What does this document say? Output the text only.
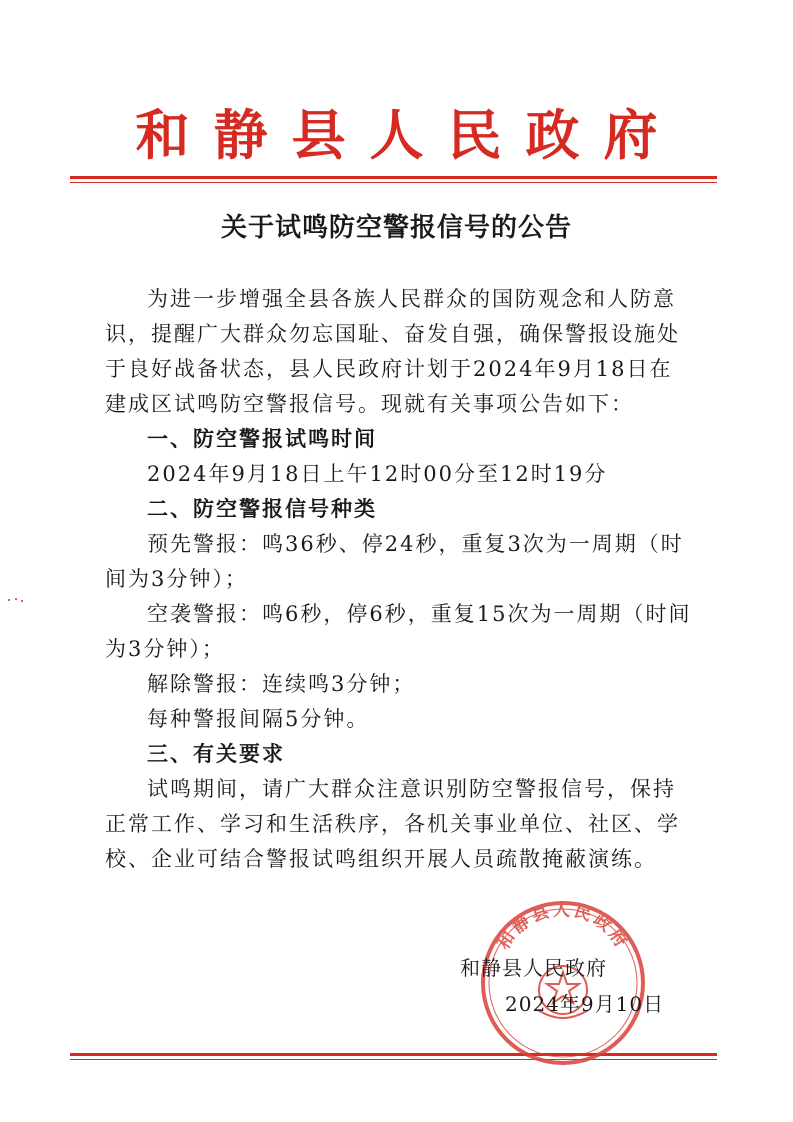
和静县人民政府
关于试鸣防空警报信号的公告

为进一步增强全县各族人民群众的国防观念和人防意识，提醒广大群众勿忘国耻、奋发自强，确保警报设施处于良好战备状态，县人民政府计划于2024年9月18日在建成区试鸣防空警报信号。现就有关事项公告如下：

一、防空警报试鸣时间

2024年9月18日上午12时00分至12时19分

二、防空警报信号种类

预先警报：鸣36秒、停24秒，重复3次为一周期（时间为3分钟）；

空袭警报：鸣6秒，停6秒，重复15次为一周期（时间为3分钟）；

解除警报：连续鸣3分钟；

每种警报间隔5分钟。

三、有关要求

试鸣期间，请广大群众注意识别防空警报信号，保持正常工作、学习和生活秩序，各机关事业单位、社区、学校、企业可结合警报试鸣组织开展人员疏散掩蔽演练。

和静县人民政府
和静县人民政府
2024年9月10日
